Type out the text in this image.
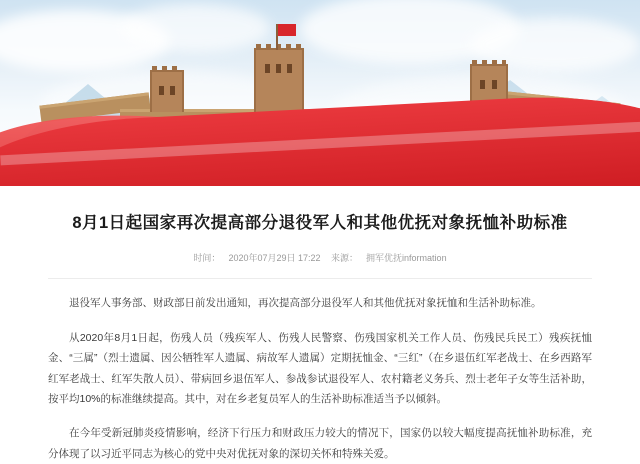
8月1日起国家再次提高部分退役军人和其他优抚对象抚恤补助标准
时间： 2020年07月29日 17:22 来源： 拥军优抚information

退役军人事务部、财政部日前发出通知，再次提高部分退役军人和其他优抚对象抚恤和生活补助标准。

从2020年8月1日起，伤残人员（残疾军人、伤残人民警察、伤残国家机关工作人员、伤残民兵民工）残疾抚恤金、“三属”（烈士遗属、因公牺牲军人遗属、病故军人遗属）定期抚恤金、“三红”（在乡退伍红军老战士、在乡西路军红军老战士、红军失散人员）、带病回乡退伍军人、参战参试退役军人、农村籍老义务兵、烈士老年子女等生活补助，按平均10%的标准继续提高。其中，对在乡老复员军人的生活补助标准适当予以倾斜。

在今年受新冠肺炎疫情影响，经济下行压力和财政压力较大的情况下，国家仍以较大幅度提高抚恤补助标准，充分体现了以习近平同志为核心的党中央对优抚对象的深切关怀和特殊关爱。
